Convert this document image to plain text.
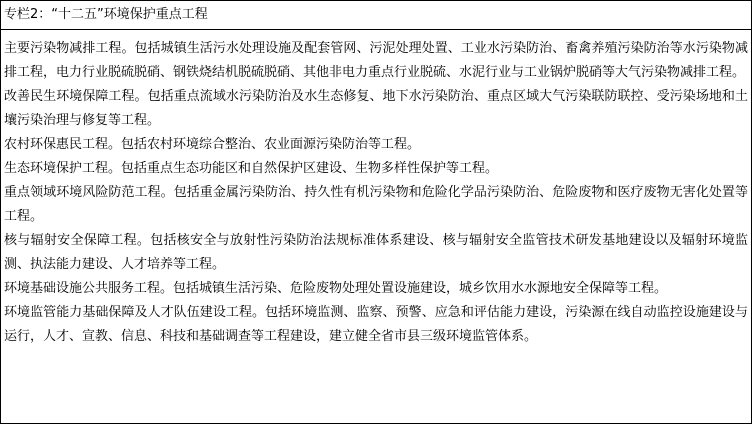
专栏2：“十二五”环境保护重点工程

主要污染物减排工程。包括城镇生活污水处理设施及配套管网、污泥处理处置、工业水污染防治、畜禽养殖污染防治等水污染物减排工程，电力行业脱硫脱硝、钢铁烧结机脱硫脱硝、其他非电力重点行业脱硫、水泥行业与工业锅炉脱硝等大气污染物减排工程。

改善民生环境保障工程。包括重点流域水污染防治及水生态修复、地下水污染防治、重点区域大气污染联防联控、受污染场地和土壤污染治理与修复等工程。

农村环保惠民工程。包括农村环境综合整治、农业面源污染防治等工程。

生态环境保护工程。包括重点生态功能区和自然保护区建设、生物多样性保护等工程。

重点领域环境风险防范工程。包括重金属污染防治、持久性有机污染物和危险化学品污染防治、危险废物和医疗废物无害化处置等工程。

核与辐射安全保障工程。包括核安全与放射性污染防治法规标准体系建设、核与辐射安全监管技术研发基地建设以及辐射环境监测、执法能力建设、人才培养等工程。

环境基础设施公共服务工程。包括城镇生活污染、危险废物处理处置设施建设，城乡饮用水水源地安全保障等工程。

环境监管能力基础保障及人才队伍建设工程。包括环境监测、监察、预警、应急和评估能力建设，污染源在线自动监控设施建设与运行，人才、宣教、信息、科技和基础调查等工程建设，建立健全省市县三级环境监管体系。
